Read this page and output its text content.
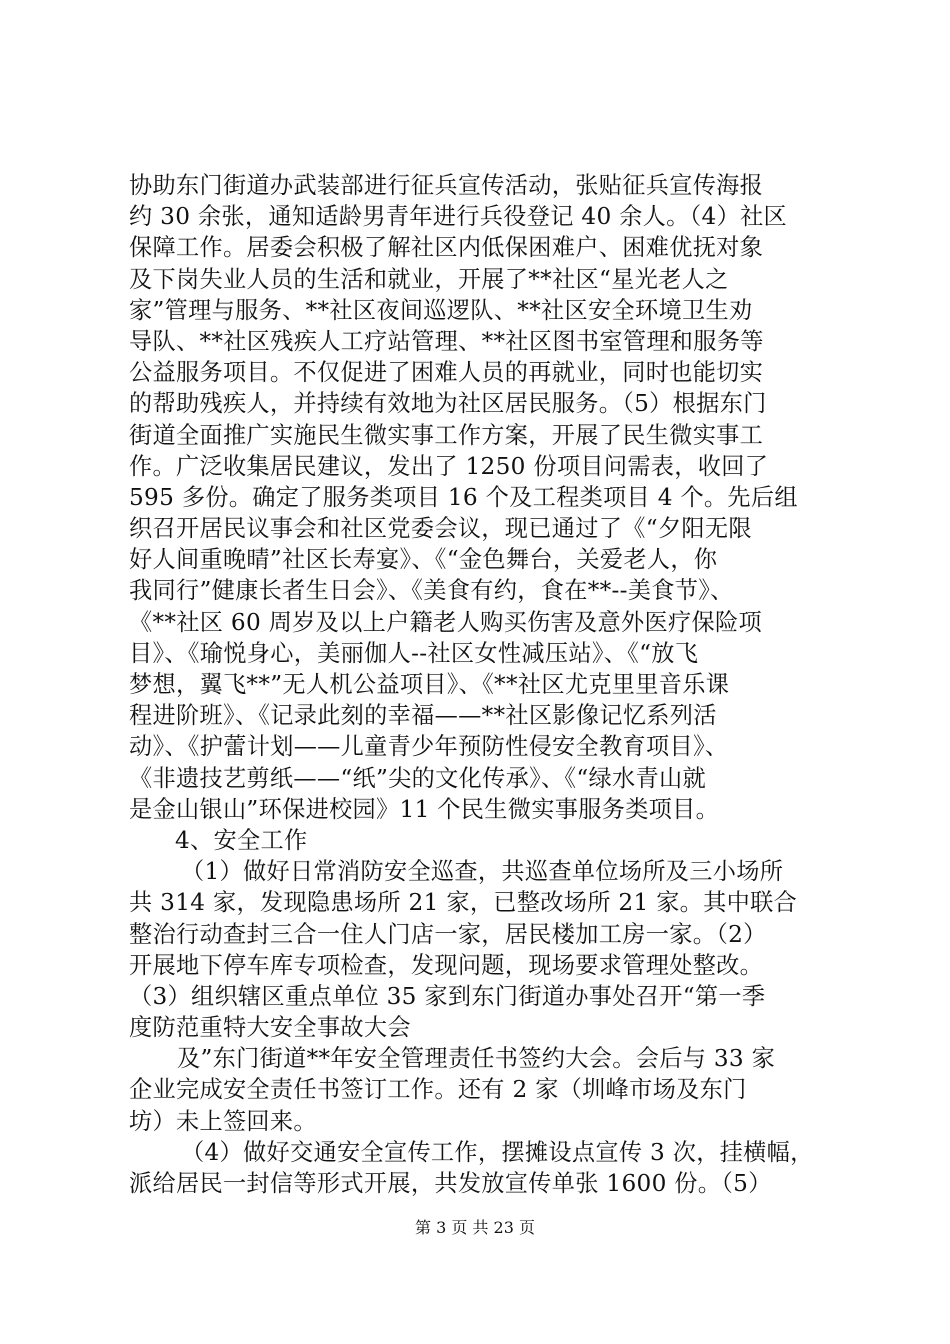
协助东门街道办武装部进行征兵宣传活动，张贴征兵宣传海报
约 30 余张，通知适龄男青年进行兵役登记 40 余人。（4）社区
保障工作。居委会积极了解社区内低保困难户、困难优抚对象
及下岗失业人员的生活和就业，开展了**社区“星光老人之
家”管理与服务、**社区夜间巡逻队、**社区安全环境卫生劝
导队、**社区残疾人工疗站管理、**社区图书室管理和服务等
公益服务项目。不仅促进了困难人员的再就业，同时也能切实
的帮助残疾人，并持续有效地为社区居民服务。（5）根据东门
街道全面推广实施民生微实事工作方案，开展了民生微实事工
作。广泛收集居民建议，发出了 1250 份项目问需表，收回了
595 多份。确定了服务类项目 16 个及工程类项目 4 个。先后组
织召开居民议事会和社区党委会议，现已通过了《“夕阳无限
好人间重晚晴”社区长寿宴》、《“金色舞台，关爱老人，你
我同行”健康长者生日会》、《美食有约，食在**--美食节》、
《**社区 60 周岁及以上户籍老人购买伤害及意外医疗保险项
目》、《瑜悦身心，美丽伽人--社区女性减压站》、《“放飞
梦想，翼飞**”无人机公益项目》、《**社区尤克里里音乐课
程进阶班》、《记录此刻的幸福——**社区影像记忆系列活
动》、《护蕾计划——儿童青少年预防性侵安全教育项目》、
《非遗技艺剪纸——“纸”尖的文化传承》、《“绿水青山就
是金山银山”环保进校园》11 个民生微实事服务类项目。
4、安全工作
（1）做好日常消防安全巡查，共巡查单位场所及三小场所
共 314 家，发现隐患场所 21 家，已整改场所 21 家。其中联合
整治行动查封三合一住人门店一家，居民楼加工房一家。（2）
开展地下停车库专项检查，发现问题，现场要求管理处整改。
（3）组织辖区重点单位 35 家到东门街道办事处召开“第一季
度防范重特大安全事故大会
及”东门街道**年安全管理责任书签约大会。会后与 33 家
企业完成安全责任书签订工作。还有 2 家（圳峰市场及东门
坊）未上签回来。
（4）做好交通安全宣传工作，摆摊设点宣传 3 次，挂横幅，
派给居民一封信等形式开展，共发放宣传单张 1600 份。（5）
第 3 页 共 23 页
